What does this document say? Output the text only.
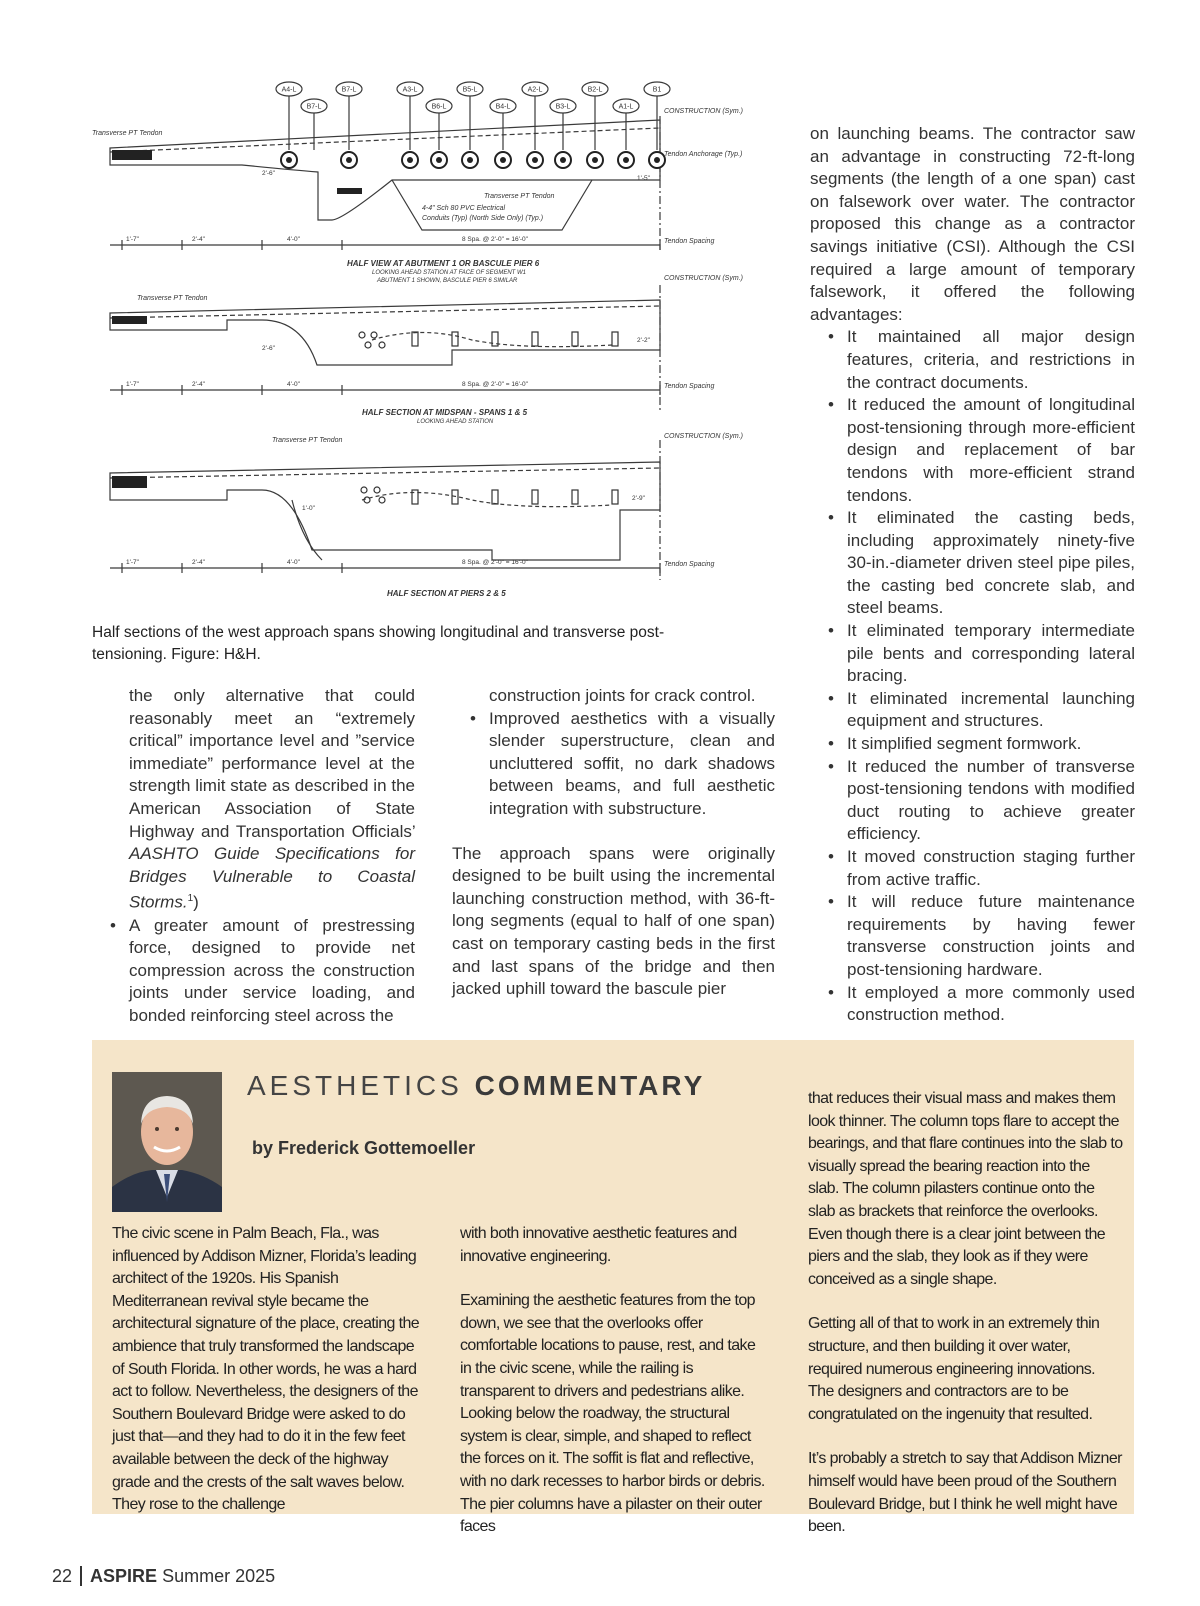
A4-L	B7-L	A3-L	B5-L	A2-L	B2-L	B1
B7-L	B6-L	B4-L	B3-L	A1-L
Transverse PT Tendon
CONSTRUCTION (Sym.)
Tendon Anchorage (Typ.)
4-4" Sch 80 PVC Electrical
Conduits (Typ) (North Side Only) (Typ.)
Transverse PT Tendon
Tendon Spacing
Transverse PT Tendon
CONSTRUCTION (Sym.)
Tendon Spacing
Transverse PT Tendon
CONSTRUCTION (Sym.)
Tendon Spacing
2'-6"
1'-5"
2'-6"
2'-2"
1'-0"
2'-9"
1'-7"	2'-4"	4'-0"	8 Spa. @ 2'-0" = 16'-0"
1'-7"	2'-4"	4'-0"	8 Spa. @ 2'-0" = 16'-0"
1'-7"	2'-4"	4'-0"	8 Spa. @ 2'-0" = 16'-0"
HALF VIEW AT ABUTMENT 1 OR BASCULE PIER 6
LOOKING AHEAD STATION AT FACE OF SEGMENT W1
ABUTMENT 1 SHOWN, BASCULE PIER 6 SIMILAR
HALF SECTION AT MIDSPAN - SPANS 1 & 5
LOOKING AHEAD STATION
HALF SECTION AT PIERS 2 & 5
Half sections of the west approach spans showing longitudinal and transverse post-tensioning. Figure: H&H.
the only alternative that could reasonably meet an “extremely critical” importance level and ”service immediate” performance level at the strength limit state as described in the American Association of State Highway and Transportation Officials’ AASHTO Guide Specifications for Bridges Vulnerable to Coastal Storms.$^1$)
• A greater amount of prestressing force, designed to provide net compression across the construction joints under service loading, and bonded reinforcing steel across the
construction joints for crack control.
• Improved aesthetics with a visually slender superstructure, clean and uncluttered soffit, no dark shadows between beams, and full aesthetic integration with substructure.

The approach spans were originally designed to be built using the incremental launching construction method, with 36-ft-long segments (equal to half of one span) cast on temporary casting beds in the first and last spans of the bridge and then jacked uphill toward the bascule pier

on launching beams. The contractor saw an advantage in constructing 72-ft-long segments (the length of a one span) cast on falsework over water. The contractor proposed this change as a contractor savings initiative (CSI). Although the CSI required a large amount of temporary falsework, it offered the following advantages:

• It maintained all major design features, criteria, and restrictions in the contract documents.
• It reduced the amount of longitudinal post-tensioning through more-efficient design and replacement of bar tendons with more-efficient strand tendons.
• It eliminated the casting beds, including approximately ninety-five 30-in.-diameter driven steel pipe piles, the casting bed concrete slab, and steel beams.
• It eliminated temporary intermediate pile bents and corresponding lateral bracing.
• It eliminated incremental launching equipment and structures.
• It simplified segment formwork.
• It reduced the number of transverse post-tensioning tendons with modified duct routing to achieve greater efficiency.
• It moved construction staging further from active traffic.
• It will reduce future maintenance requirements by having fewer transverse construction joints and post-tensioning hardware.
• It employed a more commonly used construction method.
AESTHETICS COMMENTARY
by Frederick Gottemoeller

The civic scene in Palm Beach, Fla., was influenced by Addison Mizner, Florida’s leading architect of the 1920s. His Spanish Mediterranean revival style became the architectural signature of the place, creating the ambience that truly transformed the landscape of South Florida. In other words, he was a hard act to follow. Nevertheless, the designers of the Southern Boulevard Bridge were asked to do just that—and they had to do it in the few feet available between the deck of the highway grade and the crests of the salt waves below. They rose to the challenge

with both innovative aesthetic features and innovative engineering.

Examining the aesthetic features from the top down, we see that the overlooks offer comfortable locations to pause, rest, and take in the civic scene, while the railing is transparent to drivers and pedestrians alike. Looking below the roadway, the structural system is clear, simple, and shaped to reflect the forces on it. The soffit is flat and reflective, with no dark recesses to harbor birds or debris. The pier columns have a pilaster on their outer faces

that reduces their visual mass and makes them look thinner. The column tops flare to accept the bearings, and that flare continues into the slab to visually spread the bearing reaction into the slab. The column pilasters continue onto the slab as brackets that reinforce the overlooks. Even though there is a clear joint between the piers and the slab, they look as if they were conceived as a single shape.

Getting all of that to work in an extremely thin structure, and then building it over water, required numerous engineering innovations. The designers and contractors are to be congratulated on the ingenuity that resulted.

It’s probably a stretch to say that Addison Mizner himself would have been proud of the Southern Boulevard Bridge, but I think he well might have been.

22 ASPIRE Summer 2025
